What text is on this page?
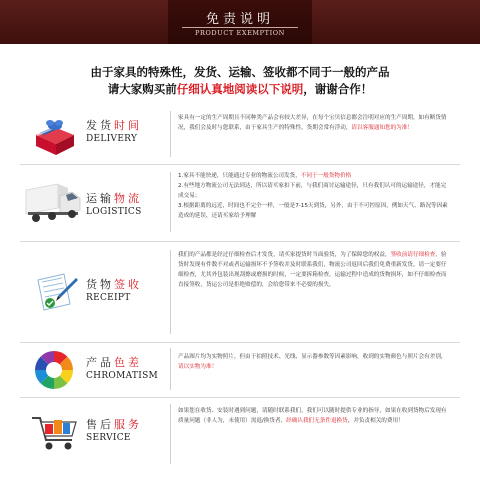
免责说明
PRODUCT EXEMPTION
由于家具的特殊性，发货、运输、签收都不同于一般的产品
请大家购买前仔细认真地阅读以下说明，谢谢合作！
发货时间
DELIVERY
家具有一定的生产周期且不同种类产品会有较大差异，在每个宝贝信息都会注明对应的生产周期，如有断货情况，我们会及时与您联系，由于家具生产的特殊性，货期会常有浮动，请以客服通知您的为准！
运输物流
LOGISTICS
1.家具不能快递，只能通过专业的物流公司发货，不同于一般货物价格
2.有些地方物流公司无法到达，所以请买家扣下前，与我们商讨运输途径，只有我们认可的运输途径，才能完成交易；
3.根据距离的远近，时间也不完全一样，一般是7-15天到货，另外，由于不可控原因，例如天气、路况等因素造成的延误，还请买家给予理解
货物签收
RECEIPT
我们的产品都是经过仔细检查后才发货，请买家提货时当面验货，为了保障您的权益，签收前请仔细检查，验货时发现有件数不对或者运输损坏不予签收并及时联系我们，物流公司返回后我们免费重新发货，请一定要仔细检查，尤其外包装出现刮擦或磨损的时候，一定要拆箱检查，运输过程中造成的货物损坏，如不仔细检查而直接签收，货运公司是拒绝赔偿的，会给您带来不必要的损失。
产品色差
CHROMATISM
产品图片均为实物照片，但由于拍照技术、光线、显示器参数等因素影响，收到的实物颜色与照片会有差别，请以实物为准！
售后服务
SERVICE
如果您在收货、安装时遇到问题，请随时联系我们，我们可以随时提供专业的指导，如果在收到货物后发现有质量问题（非人为，未使用）需退/换货者，经确认我们无条件退换货，并负责相关的费用！
